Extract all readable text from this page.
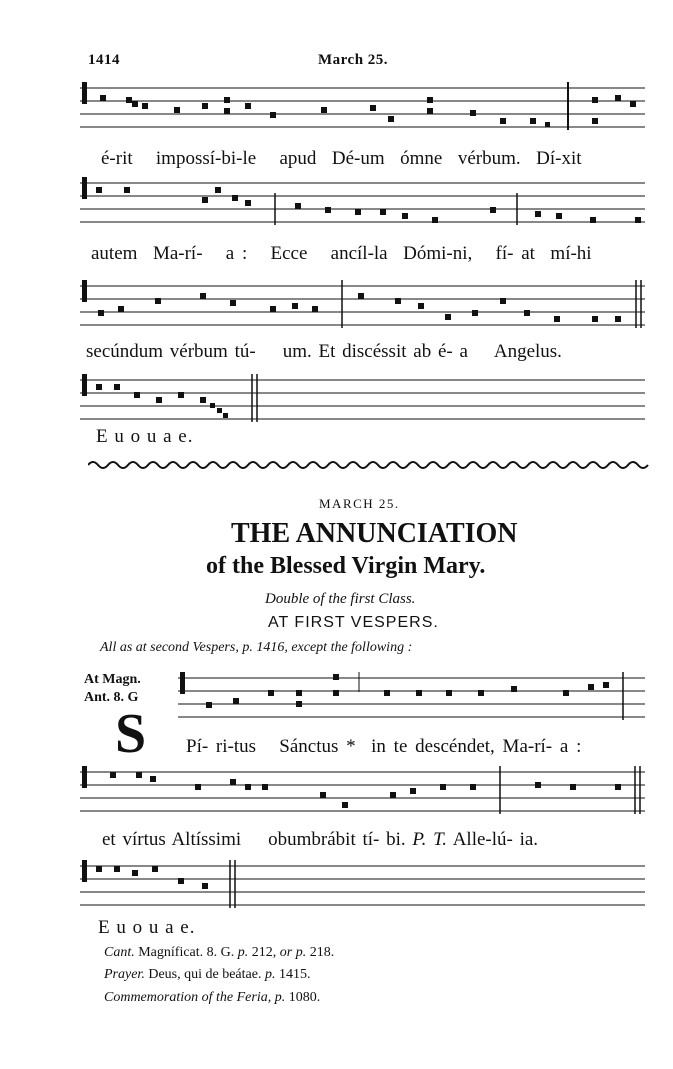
1414	March 25.
é-rit impossí-bi-le apud Dé-um ómne vérbum. Dí-xit
autem Ma-rí- a : Ecce ancíl-la Dómi-ni, fí- at mí-hi
secúndum vérbum tú- um. Et discéssit ab é- a Angelus.
E u o u a e.
MARCH 25.
THE ANNUNCIATION
of the Blessed Virgin Mary.
Double of the first Class.
AT FIRST VESPERS.
All as at second Vespers, p. 1416, except the following :
At Magn.
Ant. 8. G
S Pí- ri-tus Sánctus * in te descéndet, Ma-rí- a :
et vírtus Altíssimi obumbrábit tí- bi. P. T. Alle-lú- ia.
E u o u a e.
Cant. Magníficat. 8. G. p. 212, or p. 218.
Prayer. Deus, qui de beátae. p. 1415.
Commemoration of the Feria, p. 1080.
